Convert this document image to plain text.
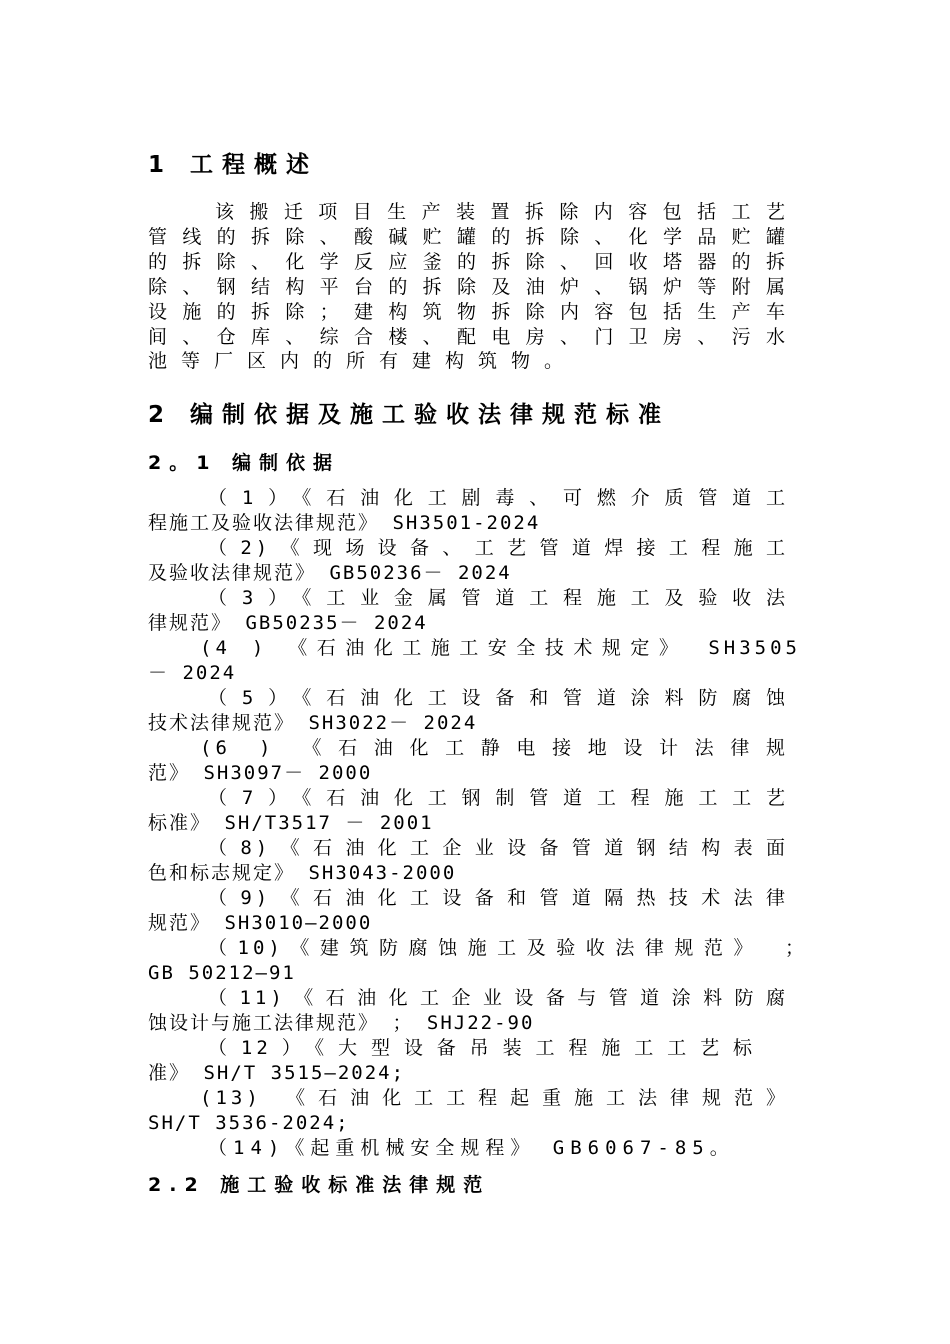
1 工程概述

该搬迁项目生产装置拆除内容包括工艺

管线的拆除、酸碱贮罐的拆除、化学品贮罐

的拆除、化学反应釜的拆除、回收塔器的拆

除、钢结构平台的拆除及油炉、锅炉等附属

设施的拆除；建构筑物拆除内容包括生产车

间、仓库、综合楼、配电房、门卫房、污水

池等厂区内的所有建构筑物。

2 编制依据及施工验收法律规范标准
2。1 编制依据

（1）《石油化工剧毒、可燃介质管道工

程施工及验收法律规范》 SH3501-2024

（2)《现场设备、工艺管道焊接工程施工

及验收法律规范》 GB50236－ 2024

（3）《工业金属管道工程施工及验收法

律规范》 GB50235－ 2024

(4 ) 《石油化工施工安全技术规定》 SH3505

－ 2024

（5）《石油化工设备和管道涂料防腐蚀

技术法律规范》 SH3022－ 2024

(6 ) 《石油化工静电接地设计法律规

范》 SH3097－ 2000

（7）《石油化工钢制管道工程施工工艺

标准》 SH/T3517 － 2001

（8)《石油化工企业设备管道钢结构表面

色和标志规定》 SH3043-2000

（9)《石油化工设备和管道隔热技术法律

规范》 SH3010—2000

（10)《建筑防腐蚀施工及验收法律规范》 ；

GB 50212—91

（11)《石油化工企业设备与管道涂料防腐

蚀设计与施工法律规范》 ； SHJ22-90

（12）《大型设备吊装工程施工工艺标

准》 SH/T 3515—2024;

(13) 《石油化工工程起重施工法律规范》

SH/T 3536-2024;

（14)《起重机械安全规程》 GB6067-85。

2.2 施工验收标准法律规范
